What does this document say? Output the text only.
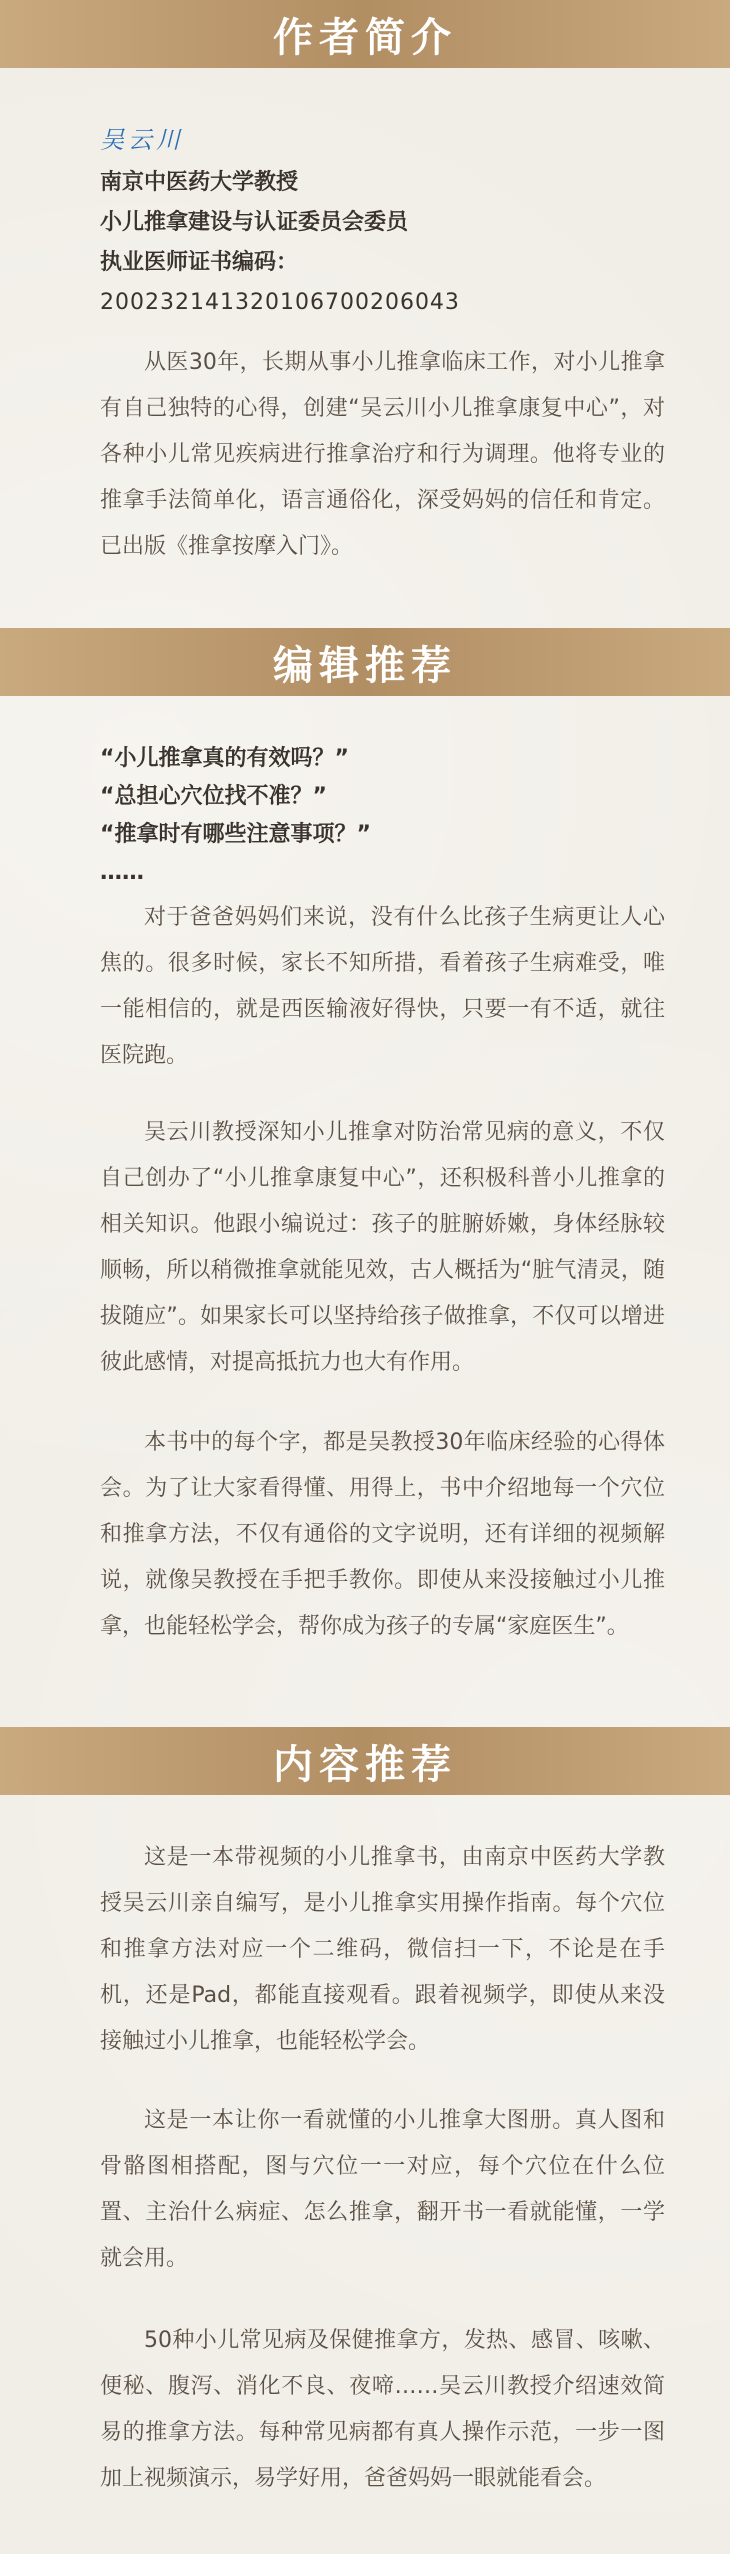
作者简介
吴云川
南京中医药大学教授
小儿推拿建设与认证委员会委员
执业医师证书编码：
200232141320106700206043

从医30年，长期从事小儿推拿临床工作，对小儿推拿有自己独特的心得，创建“吴云川小儿推拿康复中心”，对各种小儿常见疾病进行推拿治疗和行为调理。他将专业的推拿手法简单化，语言通俗化，深受妈妈的信任和肯定。已出版《推拿按摩入门》。

编辑推荐

“小儿推拿真的有效吗？”

“总担心穴位找不准？”

“推拿时有哪些注意事项？”

……

对于爸爸妈妈们来说，没有什么比孩子生病更让人心焦的。很多时候，家长不知所措，看着孩子生病难受，唯一能相信的，就是西医输液好得快，只要一有不适，就往医院跑。

吴云川教授深知小儿推拿对防治常见病的意义，不仅自己创办了“小儿推拿康复中心”，还积极科普小儿推拿的相关知识。他跟小编说过：孩子的脏腑娇嫩，身体经脉较顺畅，所以稍微推拿就能见效，古人概括为“脏气清灵，随拔随应”。如果家长可以坚持给孩子做推拿，不仅可以增进彼此感情，对提高抵抗力也大有作用。

本书中的每个字，都是吴教授30年临床经验的心得体会。为了让大家看得懂、用得上，书中介绍地每一个穴位和推拿方法，不仅有通俗的文字说明，还有详细的视频解说，就像吴教授在手把手教你。即使从来没接触过小儿推拿，也能轻松学会，帮你成为孩子的专属“家庭医生”。

内容推荐

这是一本带视频的小儿推拿书，由南京中医药大学教授吴云川亲自编写，是小儿推拿实用操作指南。每个穴位和推拿方法对应一个二维码，微信扫一下，不论是在手机，还是Pad，都能直接观看。跟着视频学，即使从来没接触过小儿推拿，也能轻松学会。

这是一本让你一看就懂的小儿推拿大图册。真人图和骨骼图相搭配，图与穴位一一对应，每个穴位在什么位置、主治什么病症、怎么推拿，翻开书一看就能懂，一学就会用。

50种小儿常见病及保健推拿方，发热、感冒、咳嗽、便秘、腹泻、消化不良、夜啼……吴云川教授介绍速效简易的推拿方法。每种常见病都有真人操作示范，一步一图加上视频演示，易学好用，爸爸妈妈一眼就能看会。
